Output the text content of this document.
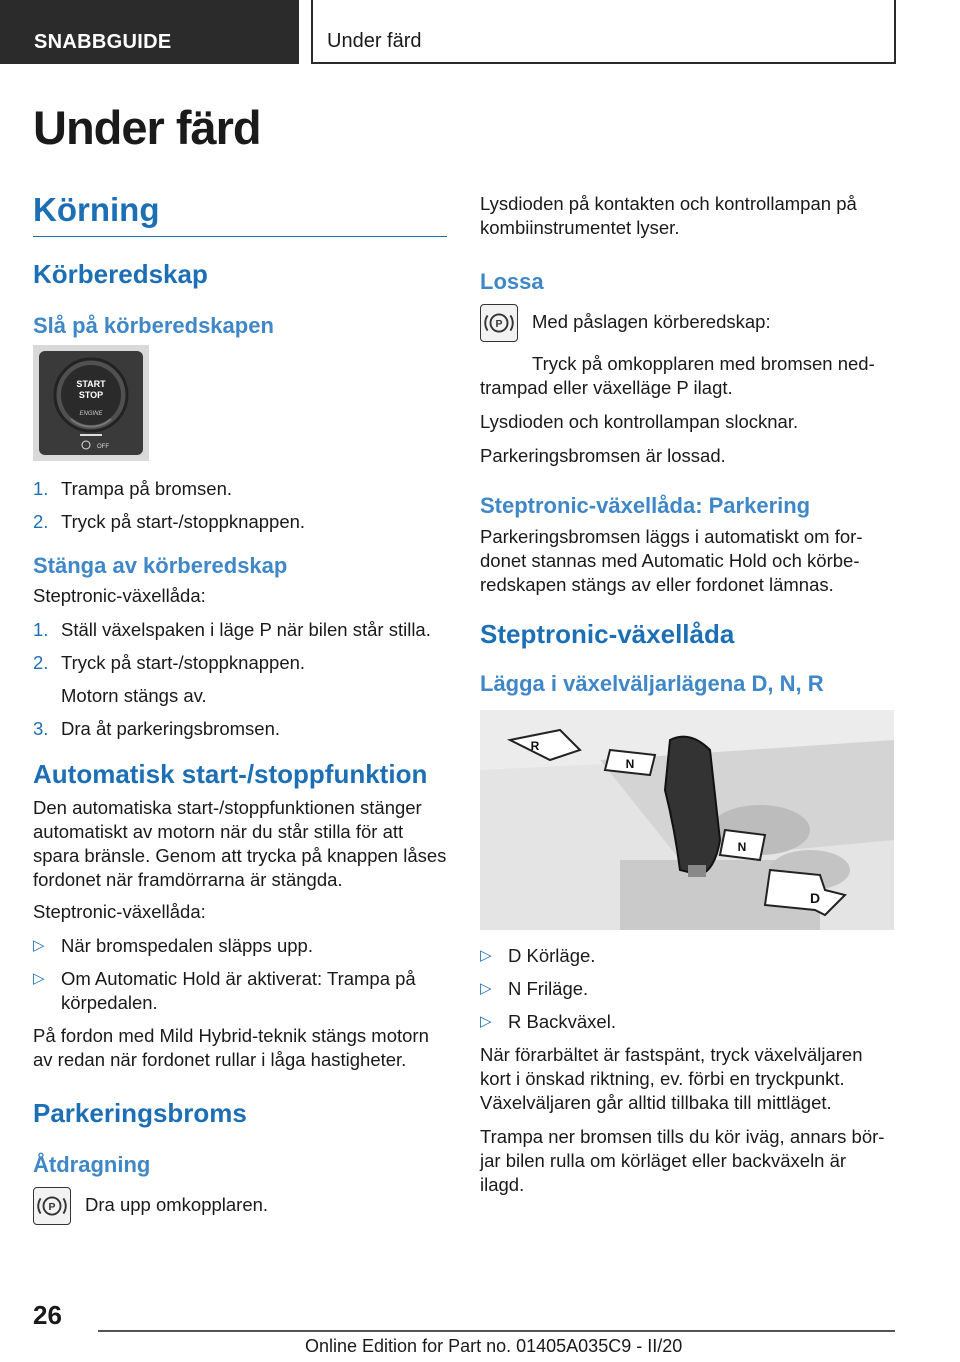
SNABBGUIDE	Under färd
Under färd
Körning
Körberedskap
Slå på körberedskapen
START
STOP
ENGINE
OFF
1. Trampa på bromsen.
2. Tryck på start-/stoppknappen.
Stänga av körberedskap

Steptronic-växellåda:

1. Ställ växelspaken i läge P när bilen står stilla.
2. Tryck på start-/stoppknappen.
Motorn stängs av.
3. Dra åt parkeringsbromsen.
Automatisk start-/stoppfunktion

Den automatiska start-/stoppfunktionen stänger automatiskt av motorn när du står stilla för att spara bränsle. Genom att trycka på knappen låses fordonet när framdörrarna är stängda.

Steptronic-växellåda:

▷ När bromspedalen släpps upp.
▷ Om Automatic Hold är aktiverat: Trampa på körpedalen.

På fordon med Mild Hybrid-teknik stängs motorn av redan när fordonet rullar i låga hastigheter.

Parkeringsbroms
Åtdragning
P Dra upp omkopplaren.

Lysdioden på kontakten och kontrollampan på kombiinstrumentet lyser.

Lossa
P Med påslagen körberedskap:

Tryck på omkopplaren med bromsen nedtrampad eller växelläge P ilagt.

Lysdioden och kontrollampan slocknar.

Parkeringsbromsen är lossad.

Steptronic-växellåda: Parkering

Parkeringsbromsen läggs i automatiskt om fordonet stannas med Automatic Hold och körberedskapen stängs av eller fordonet lämnas.

Steptronic-växellåda
Lägga i växelväljarlägena D, N, R
R
N
N
D
▷ D Körläge.
▷ N Friläge.
▷ R Backväxel.

När förarbältet är fastspänt, tryck växelväljaren kort i önskad riktning, ev. förbi en tryckpunkt. Växelväljaren går alltid tillbaka till mittläget.

Trampa ner bromsen tills du kör iväg, annars börjar bilen rulla om körläget eller backväxeln är ilagd.

26
Online Edition for Part no. 01405A035C9 - II/20
